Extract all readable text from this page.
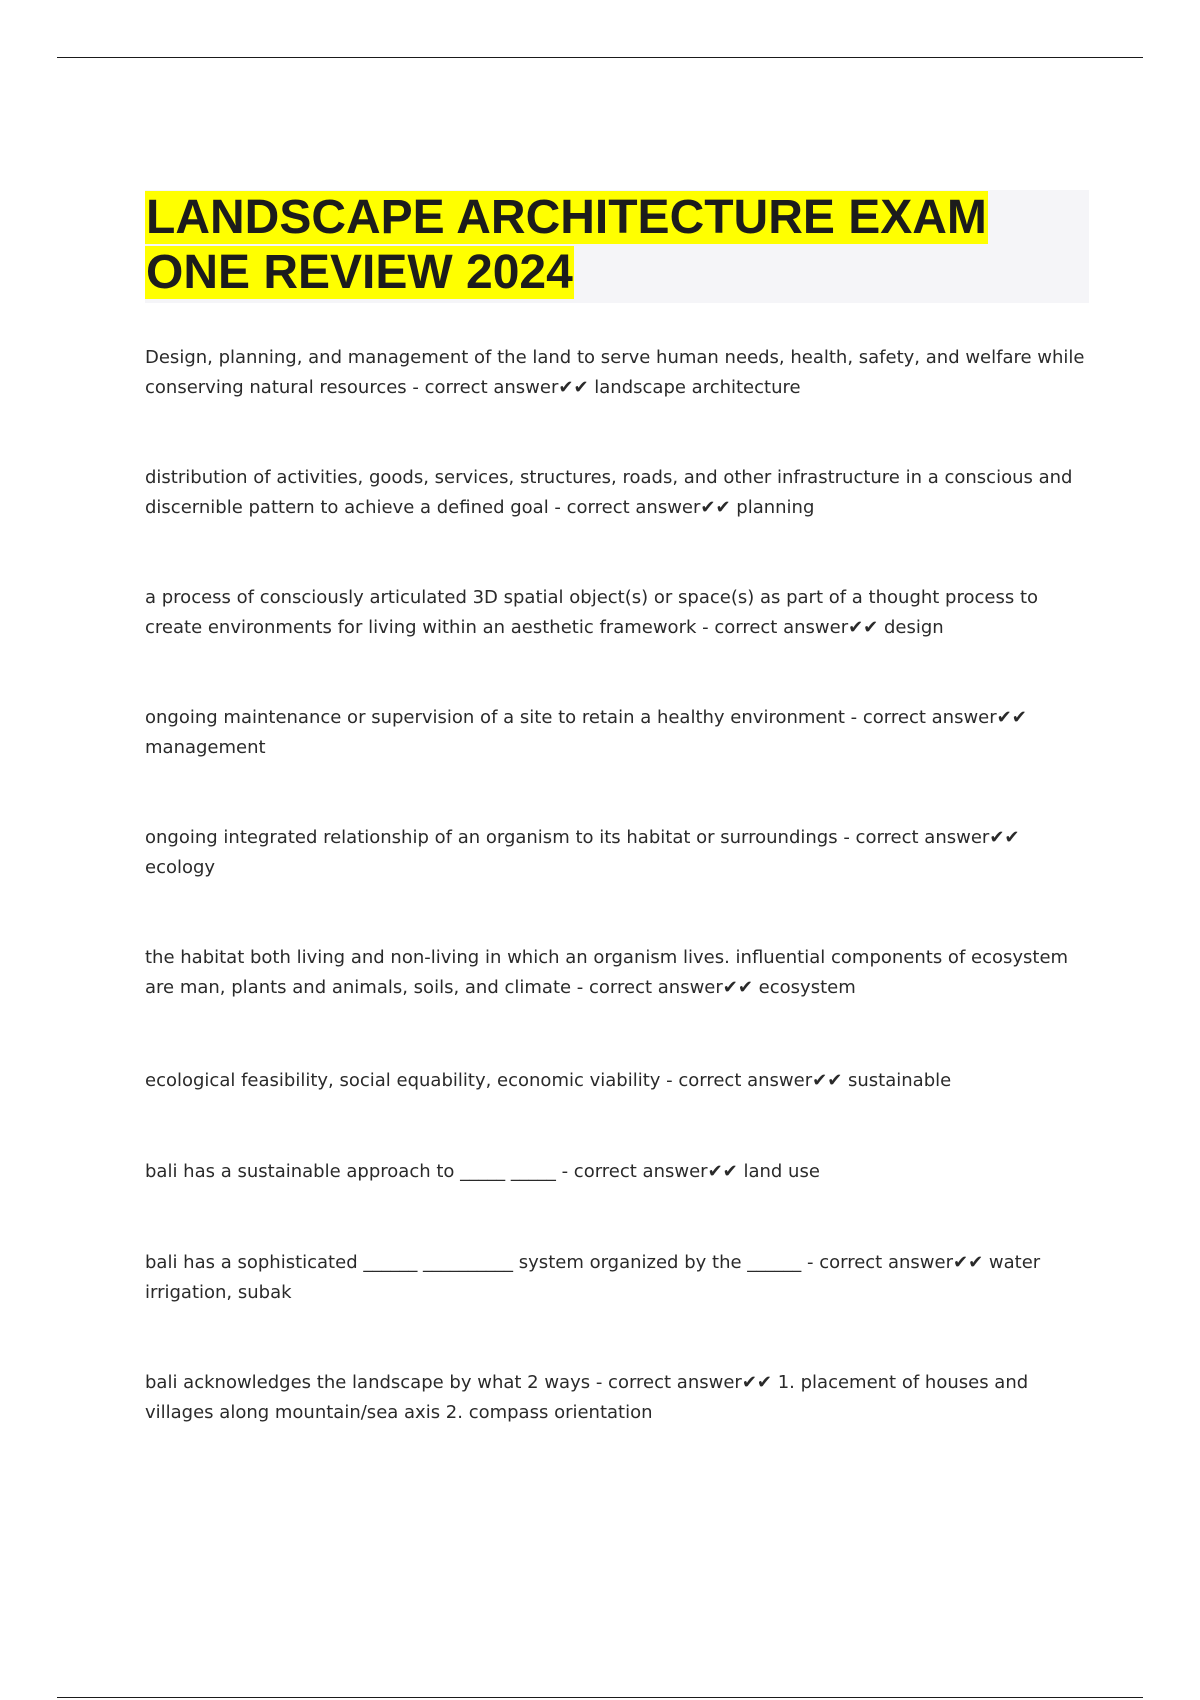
LANDSCAPE ARCHITECTURE EXAM
ONE REVIEW 2024

Design, planning, and management of the land to serve human needs, health, safety, and welfare while conserving natural resources - correct answer✔✔ landscape architecture

distribution of activities, goods, services, structures, roads, and other infrastructure in a conscious and discernible pattern to achieve a defined goal - correct answer✔✔ planning

a process of consciously articulated 3D spatial object(s) or space(s) as part of a thought process to create environments for living within an aesthetic framework - correct answer✔✔ design

ongoing maintenance or supervision of a site to retain a healthy environment - correct answer✔✔ management

ongoing integrated relationship of an organism to its habitat or surroundings - correct answer✔✔ ecology

the habitat both living and non-living in which an organism lives. influential components of ecosystem are man, plants and animals, soils, and climate - correct answer✔✔ ecosystem

ecological feasibility, social equability, economic viability - correct answer✔✔ sustainable

bali has a sustainable approach to _____ _____ - correct answer✔✔ land use

bali has a sophisticated ______ __________ system organized by the ______ - correct answer✔✔ water irrigation, subak

bali acknowledges the landscape by what 2 ways - correct answer✔✔ 1. placement of houses and villages along mountain/sea axis 2. compass orientation
